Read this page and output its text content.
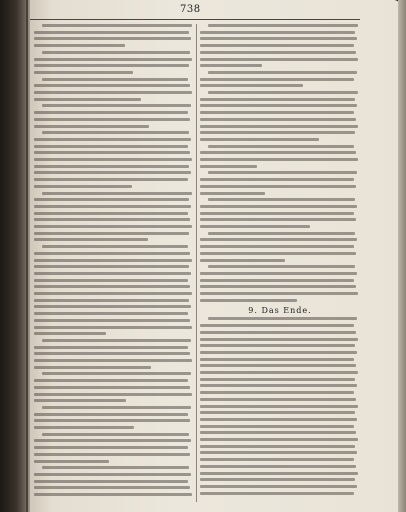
738
9. Das Ende.
